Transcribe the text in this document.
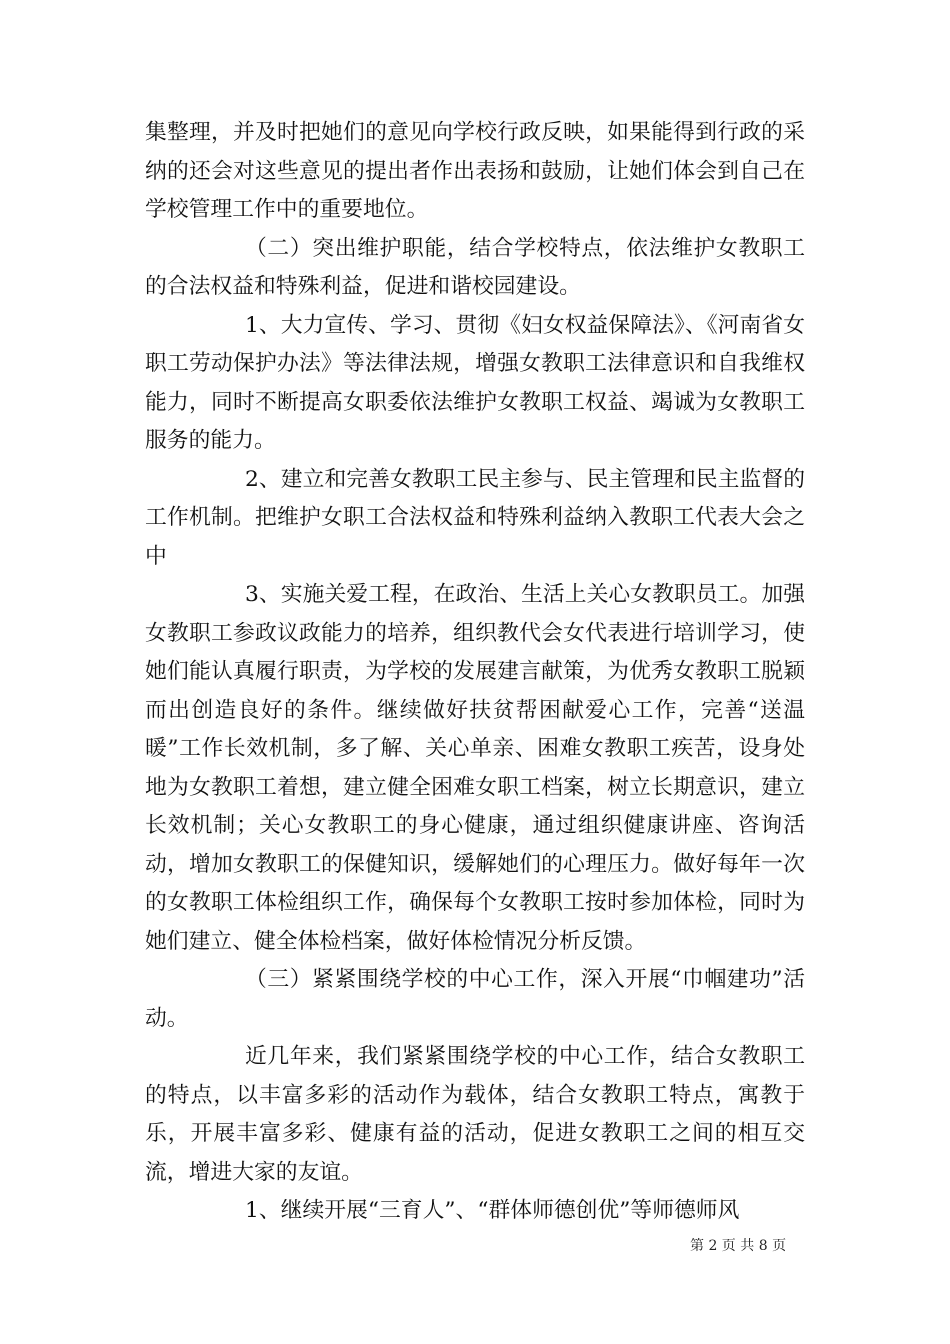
集整理，并及时把她们的意见向学校行政反映，如果能得到行政的采纳的还会对这些意见的提出者作出表扬和鼓励，让她们体会到自己在学校管理工作中的重要地位。

（二）突出维护职能，结合学校特点，依法维护女教职工的合法权益和特殊利益，促进和谐校园建设。

1、大力宣传、学习、贯彻《妇女权益保障法》、《河南省女职工劳动保护办法》等法律法规，增强女教职工法律意识和自我维权能力，同时不断提高女职委依法维护女教职工权益、竭诚为女教职工服务的能力。

2、建立和完善女教职工民主参与、民主管理和民主监督的工作机制。把维护女职工合法权益和特殊利益纳入教职工代表大会之中

3、实施关爱工程，在政治、生活上关心女教职员工。加强女教职工参政议政能力的培养，组织教代会女代表进行培训学习，使她们能认真履行职责，为学校的发展建言献策，为优秀女教职工脱颖而出创造良好的条件。继续做好扶贫帮困献爱心工作，完善“送温暖”工作长效机制，多了解、关心单亲、困难女教职工疾苦，设身处地为女教职工着想，建立健全困难女职工档案，树立长期意识，建立长效机制；关心女教职工的身心健康，通过组织健康讲座、咨询活动，增加女教职工的保健知识，缓解她们的心理压力。做好每年一次的女教职工体检组织工作，确保每个女教职工按时参加体检，同时为她们建立、健全体检档案，做好体检情况分析反馈。

（三）紧紧围绕学校的中心工作，深入开展“巾帼建功”活动。

近几年来，我们紧紧围绕学校的中心工作，结合女教职工的特点，以丰富多彩的活动作为载体，结合女教职工特点，寓教于乐，开展丰富多彩、健康有益的活动，促进女教职工之间的相互交流，增进大家的友谊。

1、继续开展“三育人”、“群体师德创优”等师德师风

第 2 页 共 8 页
